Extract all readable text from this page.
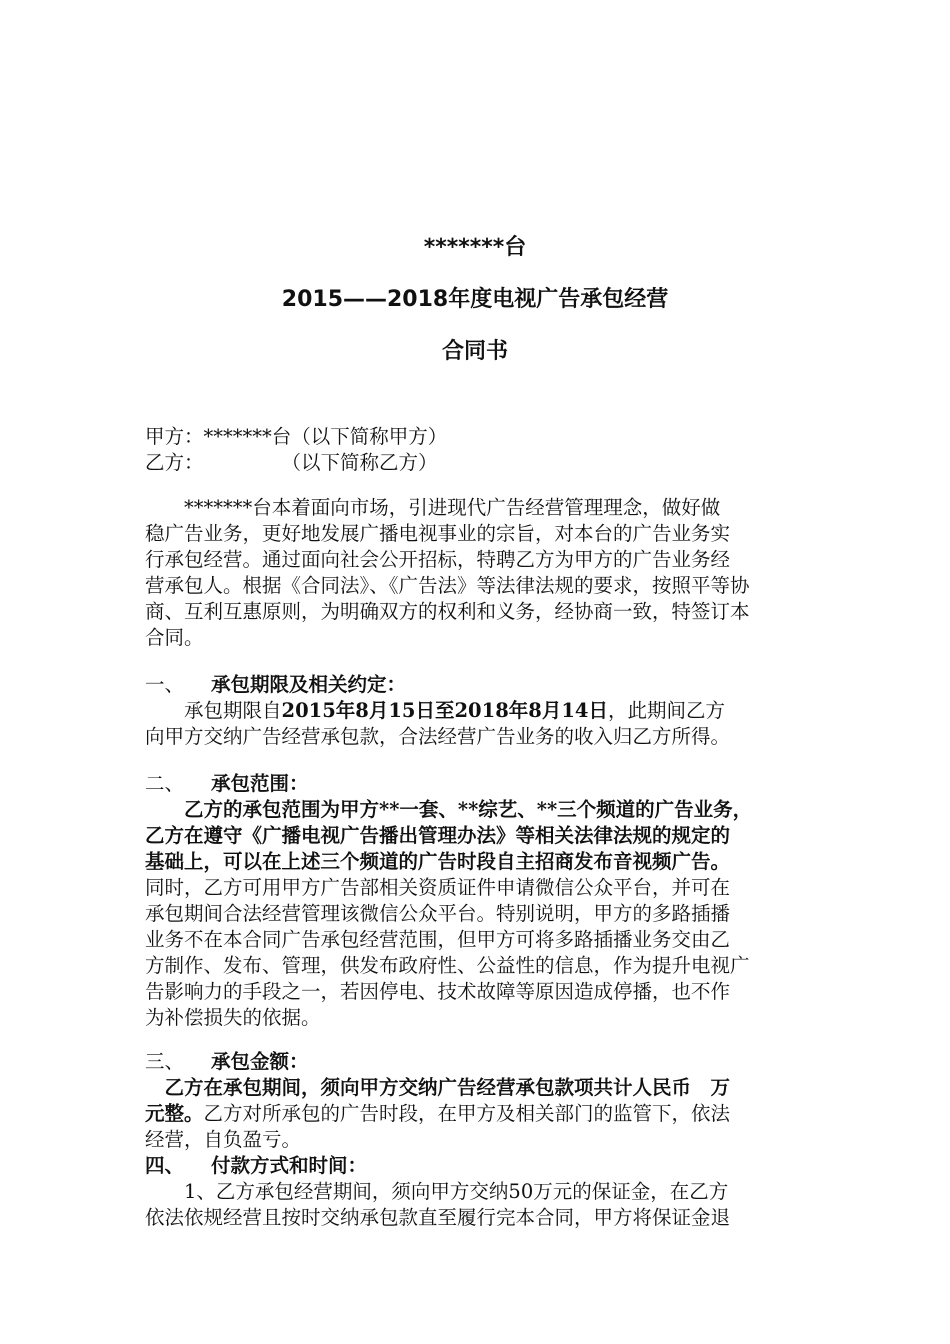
*******台
2015——2018年度电视广告承包经营
合同书
甲方：*******台（以下简称甲方）
乙方：　　　　　（以下简称乙方）
　　*******台本着面向市场，引进现代广告经营管理理念，做好做
稳广告业务，更好地发展广播电视事业的宗旨，对本台的广告业务实
行承包经营。通过面向社会公开招标，特聘乙方为甲方的广告业务经
营承包人。根据《合同法》、《广告法》等法律法规的要求，按照平等协
商、互利互惠原则，为明确双方的权利和义务，经协商一致，特签订本
合同。
一、 承包期限及相关约定：
　　承包期限自2015年8月15日至2018年8月14日，此期间乙方
向甲方交纳广告经营承包款，合法经营广告业务的收入归乙方所得。
二、 承包范围：
　　乙方的承包范围为甲方**一套、**综艺、**三个频道的广告业务，
乙方在遵守《广播电视广告播出管理办法》等相关法律法规的规定的
基础上，可以在上述三个频道的广告时段自主招商发布音视频广告。
同时，乙方可用甲方广告部相关资质证件申请微信公众平台，并可在
承包期间合法经营管理该微信公众平台。特别说明，甲方的多路插播
业务不在本合同广告承包经营范围，但甲方可将多路插播业务交由乙
方制作、发布、管理，供发布政府性、公益性的信息，作为提升电视广
告影响力的手段之一，若因停电、技术故障等原因造成停播，也不作
为补偿损失的依据。
三、 承包金额：
　乙方在承包期间，须向甲方交纳广告经营承包款项共计人民币　万
元整。乙方对所承包的广告时段，在甲方及相关部门的监管下，依法
经营，自负盈亏。
四、 付款方式和时间：
　　1、乙方承包经营期间，须向甲方交纳50万元的保证金，在乙方
依法依规经营且按时交纳承包款直至履行完本合同，甲方将保证金退
